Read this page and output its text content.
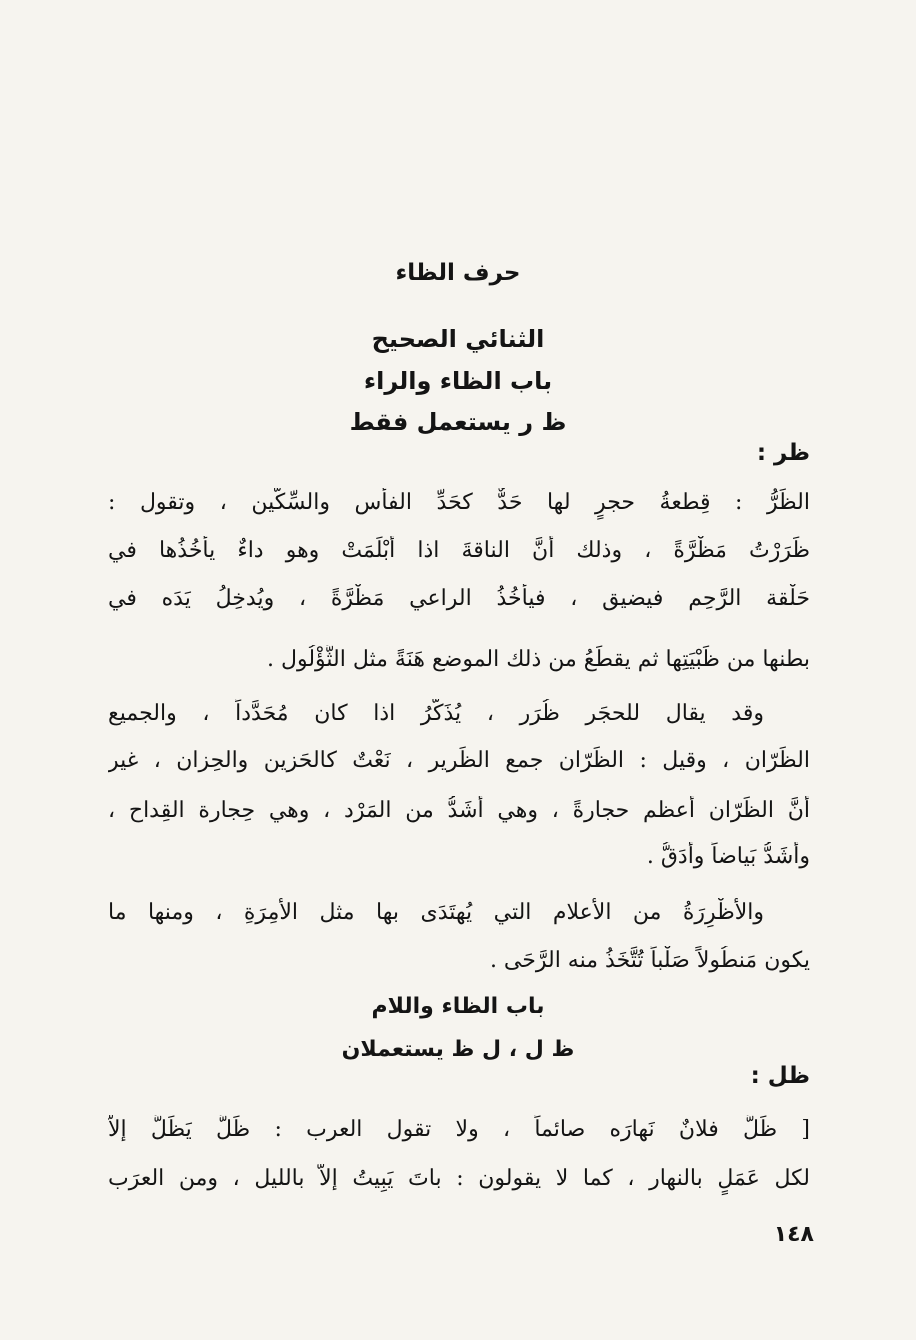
حرف الظاء
الثنائي الصحيح
باب الظاء والراء
ظ ر يستعمل فقط
ظر :
الظِّرُّ : قِطعةُ حجرٍ لها حَدٌّ كحَدِّ الفأس والسِّكّين ، وتقول :
ظَرَرْتُ مَظْرَّةً ، وذلك أنَّ الناقةَ اذا أبْلَمَتْ وهو داءٌ يأخُذُها في
حَلْقة الرَّحِم فيضيق ، فيأخُذُ الراعي مَظْرَّةً ، ويُدخِلُ يَدَه في
بطنها من ظَبْيَتِها ثم يقطَعُ من ذلك الموضع هَنَةً مثل الثُّؤْلُول .
وقد يقال للحجَر ظُرَر ، يُذَكَّرُ اذا كان مُحَدَّداً ، والجميع
الظِّرّان ، وقيل : الظِّرّان جمع الظِّرير ، نَعْتٌ كالحَزين والحِزان ، غير
أنَّ الظِّرّان أعظم حجارةً ، وهي أشَدُّ من المَرْد ، وهي حِجارة القِداح ،
وأشَدُّ بَياضاً وأدَقُّ .
والأظْرِرَةُ من الأعلام التي يُهتَدَى بها مثل الأمِرَةِ ، ومنها ما
يكون مَنطُولاً صَلْباً تُتَّخَذُ منه الرَّحَى .
باب الظاء واللام
ظ ل ، ل ظ يستعملان
ظل :
[ ظَلَّ فلانٌ نَهارَه صائماً ، ولا تقول العرب : ظَلَّ يَظَلُّ إلاّ
لكل عَمَلٍ بالنهار ، كما لا يقولون : باتَ يَبِيتُ إلاّ بالليل ، ومن العرَب
١٤٨
